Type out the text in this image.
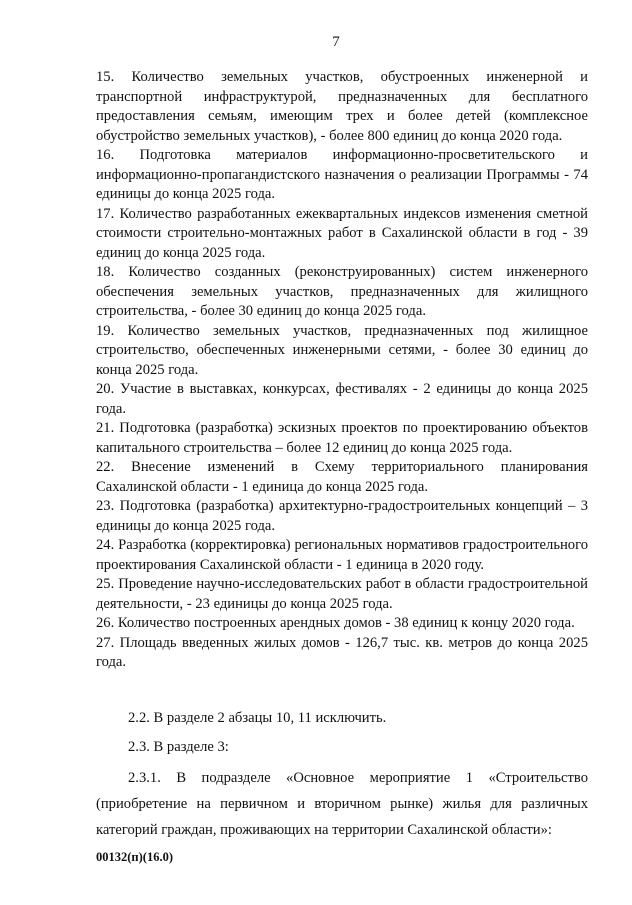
7

15. Количество земельных участков, обустроенных инженерной и транспортной инфраструктурой, предназначенных для бесплатного предоставления семьям, имеющим трех и более детей (комплексное обустройство земельных участков), - более 800 единиц до конца 2020 года.

16. Подготовка материалов информационно-просветительского и информационно-пропагандистского назначения о реализации Программы - 74 единицы до конца 2025 года.

17. Количество разработанных ежеквартальных индексов изменения сметной стоимости строительно-монтажных работ в Сахалинской области в год - 39 единиц до конца 2025 года.

18. Количество созданных (реконструированных) систем инженерного обеспечения земельных участков, предназначенных для жилищного строительства, - более 30 единиц до конца 2025 года.

19. Количество земельных участков, предназначенных под жилищное строительство, обеспеченных инженерными сетями, - более 30 единиц до конца 2025 года.

20. Участие в выставках, конкурсах, фестивалях - 2 единицы до конца 2025 года.

21. Подготовка (разработка) эскизных проектов по проектированию объектов капитального строительства – более 12 единиц до конца 2025 года.

22. Внесение изменений в Схему территориального планирования Сахалинской области - 1 единица до конца 2025 года.

23. Подготовка (разработка) архитектурно-градостроительных концепций – 3 единицы до конца 2025 года.

24. Разработка (корректировка) региональных нормативов градостроительного проектирования Сахалинской области - 1 единица в 2020 году.

25. Проведение научно-исследовательских работ в области градостроительной деятельности, - 23 единицы до конца 2025 года.

26. Количество построенных арендных домов - 38 единиц к концу 2020 года.

27. Площадь введенных жилых домов - 126,7 тыс. кв. метров до конца 2025 года.

2.2. В разделе 2 абзацы 10, 11 исключить.
2.3. В разделе 3:
2.3.1. В подразделе «Основное мероприятие 1 «Строительство (приобретение на первичном и вторичном рынке) жилья для различных категорий граждан, проживающих на территории Сахалинской области»:
00132(п)(16.0)
